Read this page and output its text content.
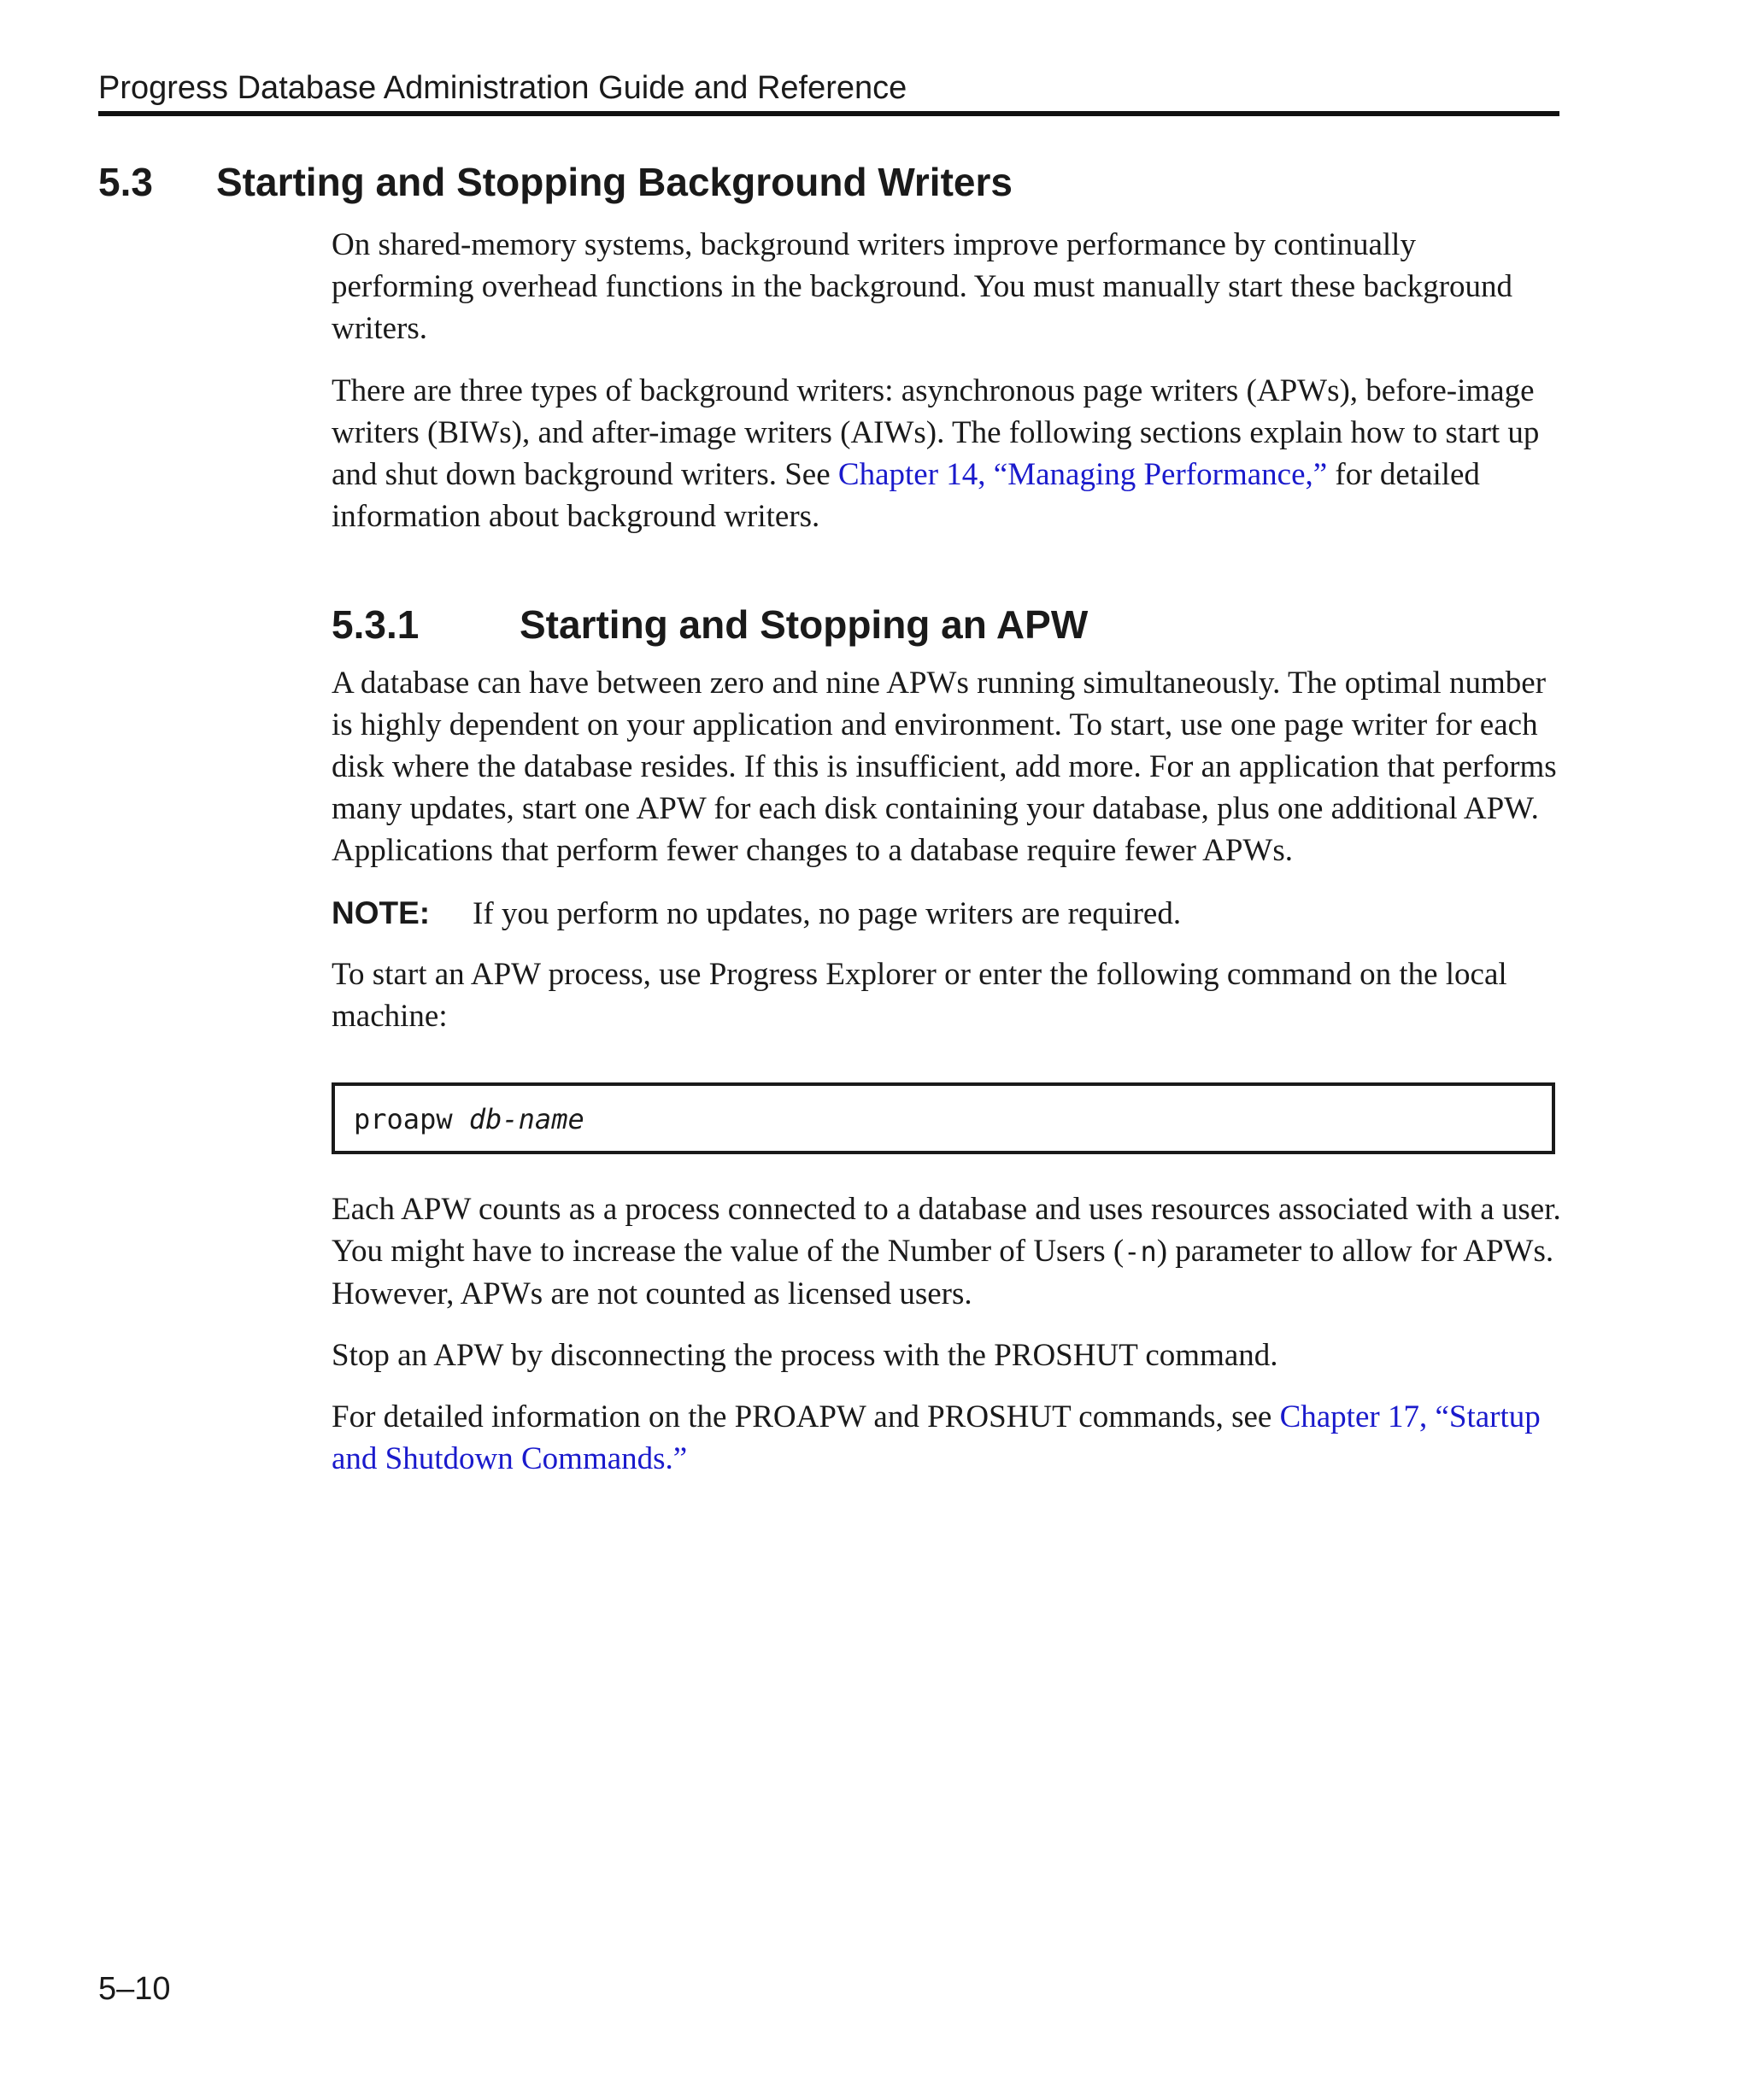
Progress Database Administration Guide and Reference
5.3 Starting and Stopping Background Writers

On shared-memory systems, background writers improve performance by continually performing overhead functions in the background. You must manually start these background writers.

There are three types of background writers: asynchronous page writers (APWs), before-image writers (BIWs), and after-image writers (AIWs). The following sections explain how to start up and shut down background writers. See Chapter 14, “Managing Performance,” for detailed information about background writers.

5.3.1	Starting and Stopping an APW

A database can have between zero and nine APWs running simultaneously. The optimal number is highly dependent on your application and environment. To start, use one page writer for each disk where the database resides. If this is insufficient, add more. For an application that performs many updates, start one APW for each disk containing your database, plus one additional APW. Applications that perform fewer changes to a database require fewer APWs.

NOTE: If you perform no updates, no page writers are required.

To start an APW process, use Progress Explorer or enter the following command on the local machine:

proapw db-name

Each APW counts as a process connected to a database and uses resources associated with a user. You might have to increase the value of the Number of Users (-n) parameter to allow for APWs. However, APWs are not counted as licensed users.

Stop an APW by disconnecting the process with the PROSHUT command.

For detailed information on the PROAPW and PROSHUT commands, see Chapter 17, “Startup and Shutdown Commands.”

5–10
